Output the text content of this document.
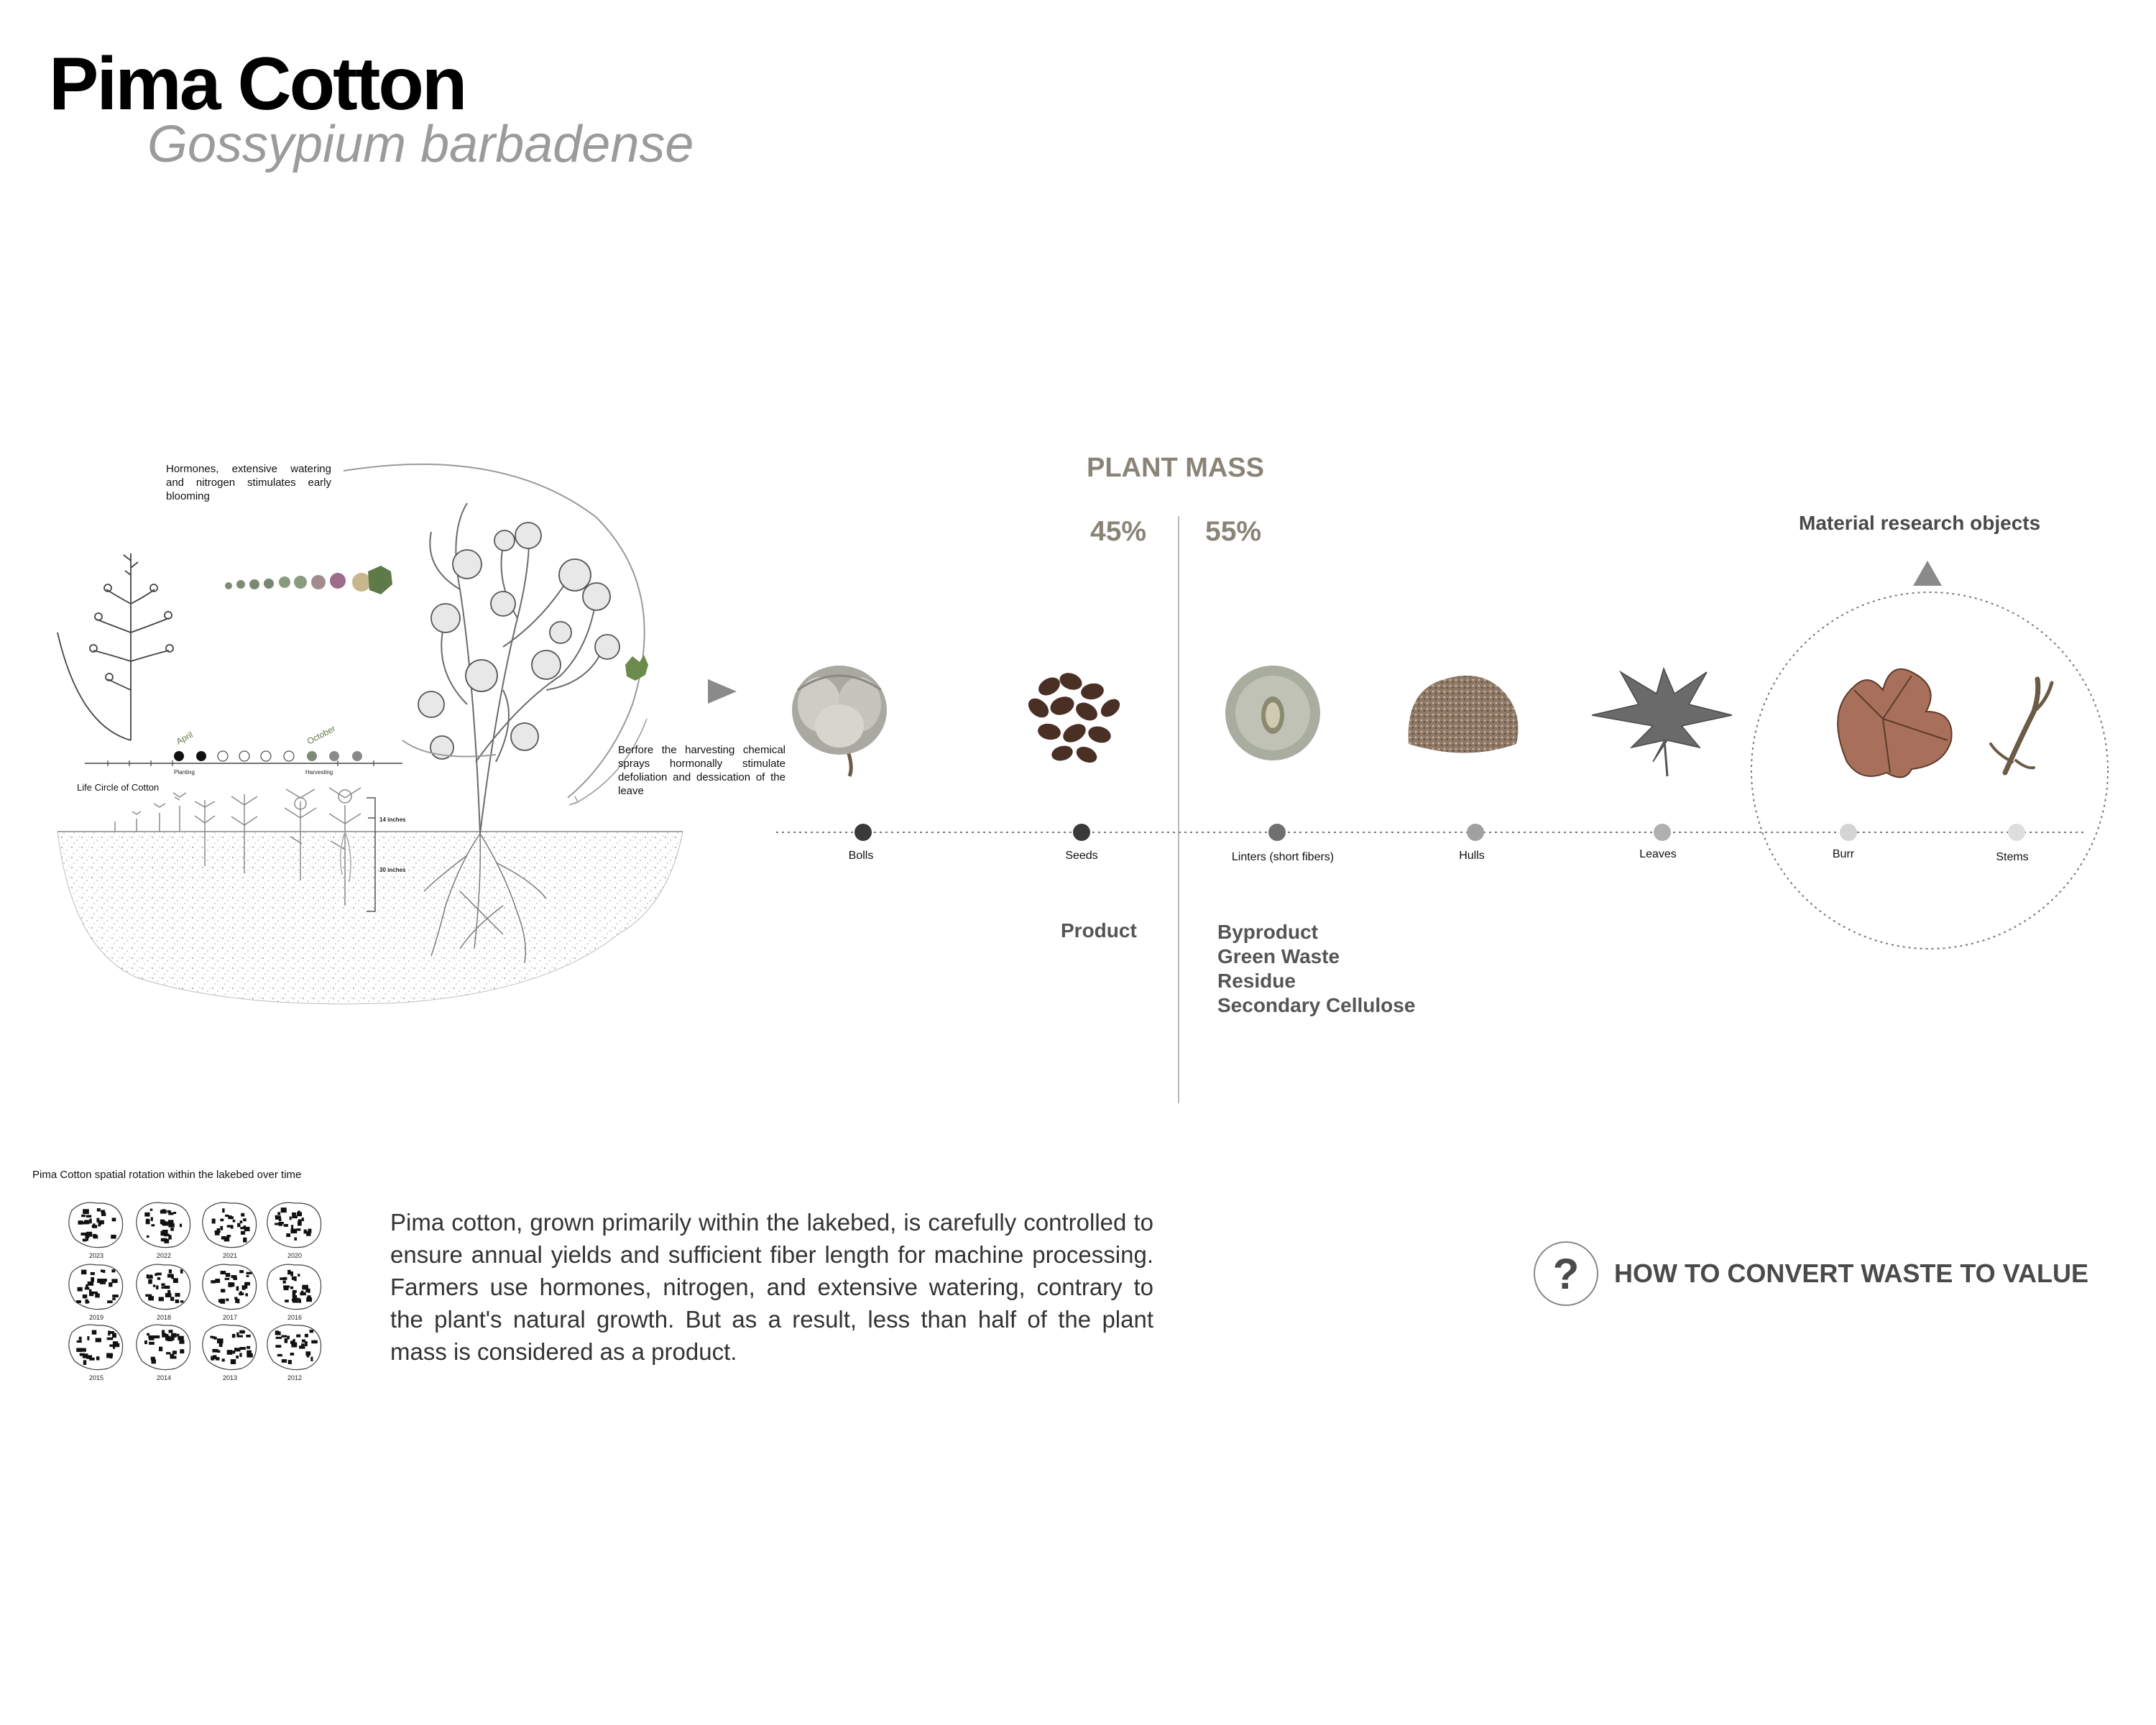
Pima Cotton
Gossypium barbadense
14 inches
30 inches
April	October
Planting	Harvesting
Hormones, extensive watering and nitrogen stimulates early blooming
Berfore the harvesting chemical sprays hormonally stimulate defoliation and dessication of the leave
Life Circle of Cotton
PLANT MASS
45% 55%	Material research objects
Bolls	Seeds	Linters (short fibers)	Hulls	Leaves	Burr	Stems
Product	Byproduct
Green Waste
Residue
Secondary Cellulose
Pima Cotton spatial rotation within the lakebed over time
2023	2022	2021	2020
2019	2018	2017	2016
2015	2014	2013	2012
Pima cotton, grown primarily within the lakebed, is carefully controlled to ensure annual yields and sufficient fiber length for machine processing. Farmers use hormones, nitrogen, and extensive watering, contrary to the plant's natural growth. But as a result, less than half of the plant mass is considered as a product.
?	HOW TO CONVERT WASTE TO VALUE
